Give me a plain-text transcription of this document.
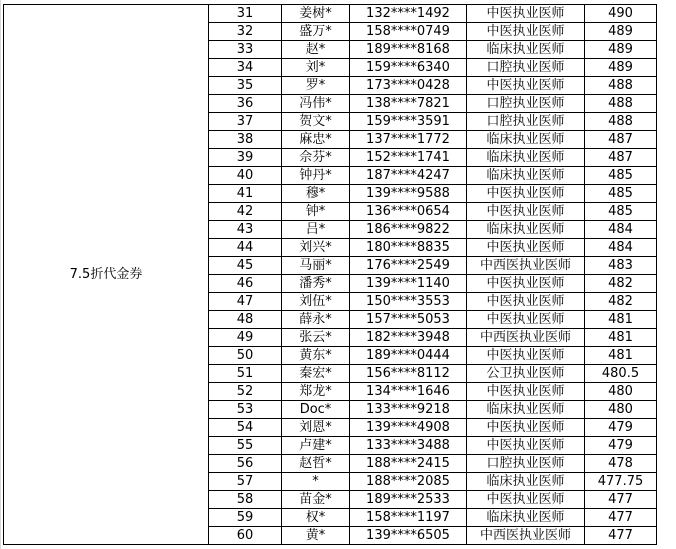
7.5折代金券	31	姜树*	132****1492	中医执业医师	490
	32	盛万*	158****0749	中医执业医师	489
	33	赵*	189****8168	临床执业医师	489
	34	刘*	159****6340	口腔执业医师	489
	35	罗*	173****0428	中医执业医师	488
	36	冯伟*	138****7821	口腔执业医师	488
	37	贺文*	159****3591	口腔执业医师	488
	38	麻忠*	137****1772	临床执业医师	487
	39	佘芬*	152****1741	临床执业医师	487
	40	钟丹*	187****4247	临床执业医师	485
	41	穆*	139****9588	中医执业医师	485
	42	钟*	136****0654	中医执业医师	485
	43	吕*	186****9822	临床执业医师	484
	44	刘兴*	180****8835	中医执业医师	484
	45	马丽*	176****2549	中西医执业医师	483
	46	潘秀*	139****1140	中医执业医师	482
	47	刘伍*	150****3553	中医执业医师	482
	48	薛永*	157****5053	中医执业医师	481
	49	张云*	182****3948	中西医执业医师	481
	50	黄东*	189****0444	中医执业医师	481
	51	秦宏*	156****8112	公卫执业医师	480.5
	52	郑龙*	134****1646	中医执业医师	480
	53	Doc*	133****9218	临床执业医师	480
	54	刘恩*	139****4908	中医执业医师	479
	55	卢建*	133****3488	中医执业医师	479
	56	赵哲*	188****2415	口腔执业医师	478
	57	*	188****2085	临床执业医师	477.75
	58	苗金*	189****2533	中医执业医师	477
	59	权*	158****1197	临床执业医师	477
	60	黄*	139****6505	中西医执业医师	477
